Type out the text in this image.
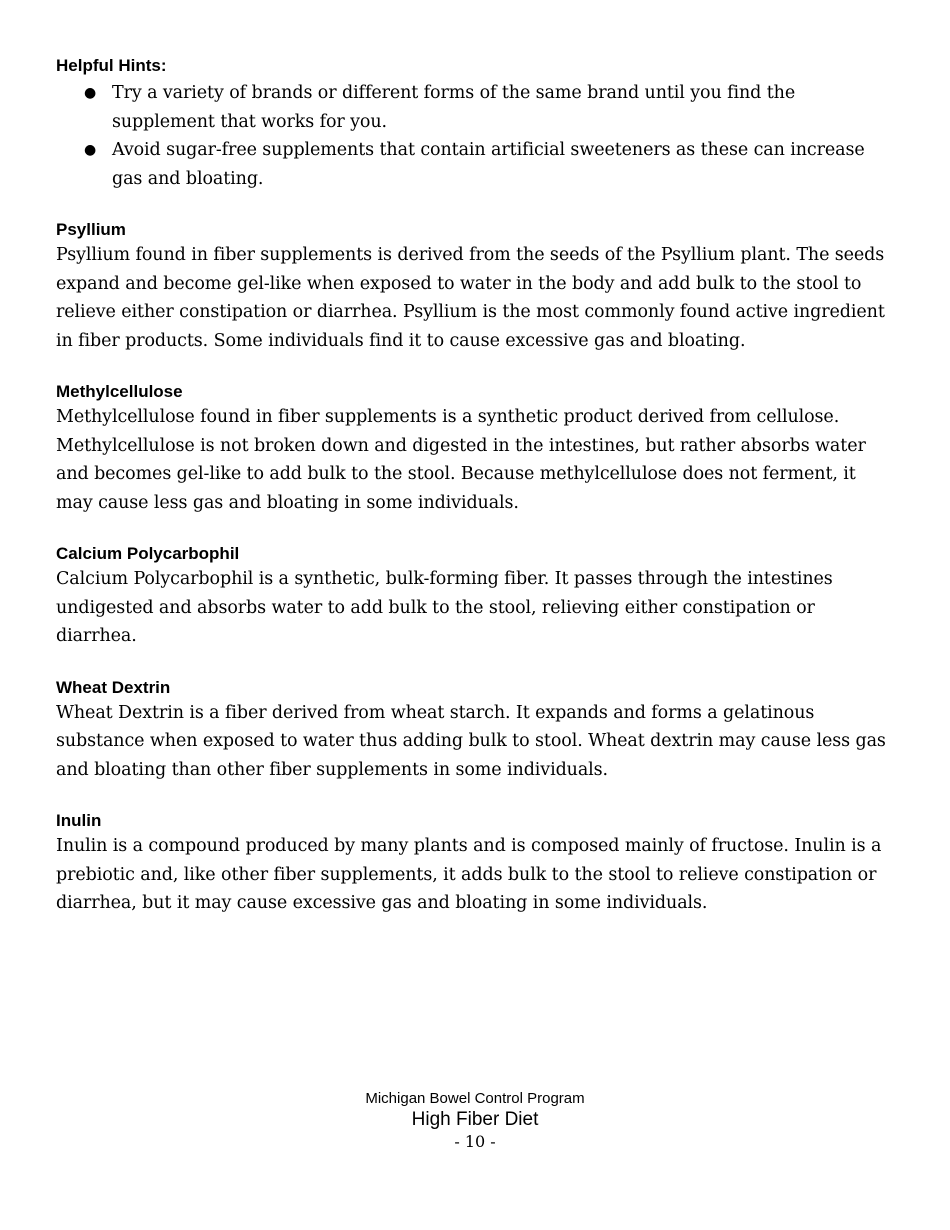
Helpful Hints:
● Try a variety of brands or different forms of the same brand until you find the supplement that works for you.
● Avoid sugar-free supplements that contain artificial sweeteners as these can increase gas and bloating.
Psyllium

Psyllium found in fiber supplements is derived from the seeds of the Psyllium plant. The seeds expand and become gel-like when exposed to water in the body and add bulk to the stool to relieve either constipation or diarrhea. Psyllium is the most commonly found active ingredient in fiber products. Some individuals find it to cause excessive gas and bloating.

Methylcellulose

Methylcellulose found in fiber supplements is a synthetic product derived from cellulose. Methylcellulose is not broken down and digested in the intestines, but rather absorbs water and becomes gel-like to add bulk to the stool. Because methylcellulose does not ferment, it may cause less gas and bloating in some individuals.

Calcium Polycarbophil

Calcium Polycarbophil is a synthetic, bulk-forming fiber. It passes through the intestines undigested and absorbs water to add bulk to the stool, relieving either constipation or diarrhea.

Wheat Dextrin

Wheat Dextrin is a fiber derived from wheat starch. It expands and forms a gelatinous substance when exposed to water thus adding bulk to stool. Wheat dextrin may cause less gas and bloating than other fiber supplements in some individuals.

Inulin

Inulin is a compound produced by many plants and is composed mainly of fructose. Inulin is a prebiotic and, like other fiber supplements, it adds bulk to the stool to relieve constipation or diarrhea, but it may cause excessive gas and bloating in some individuals.

Michigan Bowel Control Program
High Fiber Diet
- 10 -
